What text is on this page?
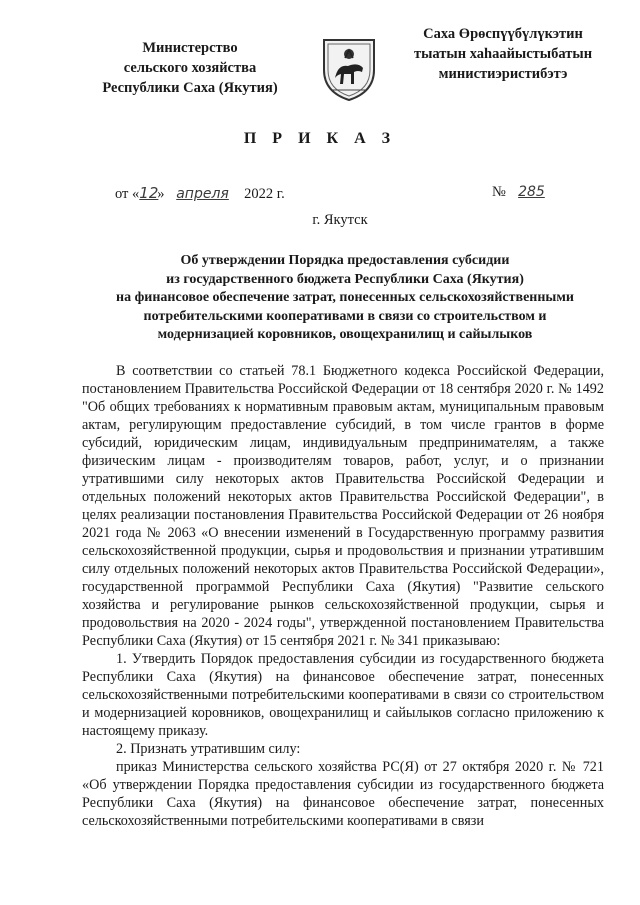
Министерство
сельского хозяйства
Республики Саха (Якутия)
Саха Өрөспүүбүлүкэтин
тыатын хаһаайыстыбатын
министиэристибэтэ
П Р И К А З
от «12» апреля 2022 г.	№ 285
г. Якутск
Об утверждении Порядка предоставления субсидии
из государственного бюджета Республики Саха (Якутия)
на финансовое обеспечение затрат, понесенных сельскохозяйственными
потребительскими кооперативами в связи со строительством и
модернизацией коровников, овощехранилищ и сайылыков

В соответствии со статьей 78.1 Бюджетного кодекса Российской Федерации, постановлением Правительства Российской Федерации от 18 сентября 2020 г. № 1492 "Об общих требованиях к нормативным правовым актам, муниципальным правовым актам, регулирующим предоставление субсидий, в том числе грантов в форме субсидий, юридическим лицам, индивидуальным предпринимателям, а также физическим лицам - производителям товаров, работ, услуг, и о признании утратившими силу некоторых актов Правительства Российской Федерации и отдельных положений некоторых актов Правительства Российской Федерации", в целях реализации постановления Правительства Российской Федерации от 26 ноября 2021 года № 2063 «О внесении изменений в Государственную программу развития сельскохозяйственной продукции, сырья и продовольствия и признании утратившим силу отдельных положений некоторых актов Правительства Российской Федерации», государственной программой Республики Саха (Якутия) "Развитие сельского хозяйства и регулирование рынков сельскохозяйственной продукции, сырья и продовольствия на 2020 - 2024 годы", утвержденной постановлением Правительства Республики Саха (Якутия) от 15 сентября 2021 г. № 341 приказываю:

1. Утвердить Порядок предоставления субсидии из государственного бюджета Республики Саха (Якутия) на финансовое обеспечение затрат, понесенных сельскохозяйственными потребительскими кооперативами в связи со строительством и модернизацией коровников, овощехранилищ и сайылыков согласно приложению к настоящему приказу.

2. Признать утратившим силу:

приказ Министерства сельского хозяйства РС(Я) от 27 октября 2020 г. № 721 «Об утверждении Порядка предоставления субсидии из государственного бюджета Республики Саха (Якутия) на финансовое обеспечение затрат, понесенных сельскохозяйственными потребительскими кооперативами в связи
